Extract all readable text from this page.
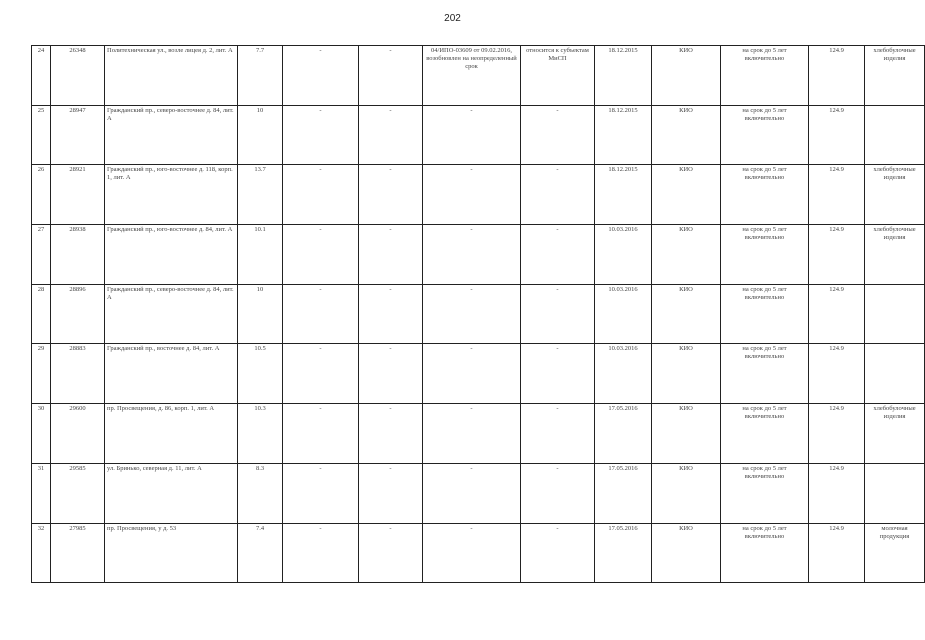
202
24	26348	Политехническая ул., возле лицея д. 2, лит. А	7.7	-	-	04/ИПО-03609 от 09.02.2016, возобновлен на неопределенный срок	относится к субъектам МиСП	18.12.2015	КИО	на срок до 5 лет включительно	124.9	хлебобулочные изделия
25	28947	Гражданский пр., северо-восточнее д. 84, лит. А	10	-	-	-	-	18.12.2015	КИО	на срок до 5 лет включительно	124.9	
26	28921	Гражданский пр., юго-восточнее д. 118, корп. 1, лит. А	13.7	-	-	-	-	18.12.2015	КИО	на срок до 5 лет включительно	124.9	хлебобулочные изделия
27	28938	Гражданский пр., юго-восточнее д. 84, лит. А	10.1	-	-	-	-	10.03.2016	КИО	на срок до 5 лет включительно	124.9	хлебобулочные изделия
28	28896	Гражданский пр., северо-восточнее д. 84, лит. А	10	-	-	-	-	10.03.2016	КИО	на срок до 5 лет включительно	124.9	
29	28883	Гражданский пр., восточнее д. 84, лит. А	10.5	-	-	-	-	10.03.2016	КИО	на срок до 5 лет включительно	124.9	
30	29600	пр. Просвещения, д. 86, корп. 1, лит. А	10.3	-	-	-	-	17.05.2016	КИО	на срок до 5 лет включительно	124.9	хлебобулочные изделия
31	29585	ул. Бринько, северная д. 11, лит. А	8.3	-	-	-	-	17.05.2016	КИО	на срок до 5 лет включительно	124.9	
32	27985	пр. Просвещения, у д. 53	7.4	-	-	-	-	17.05.2016	КИО	на срок до 5 лет включительно	124.9	молочная продукция
